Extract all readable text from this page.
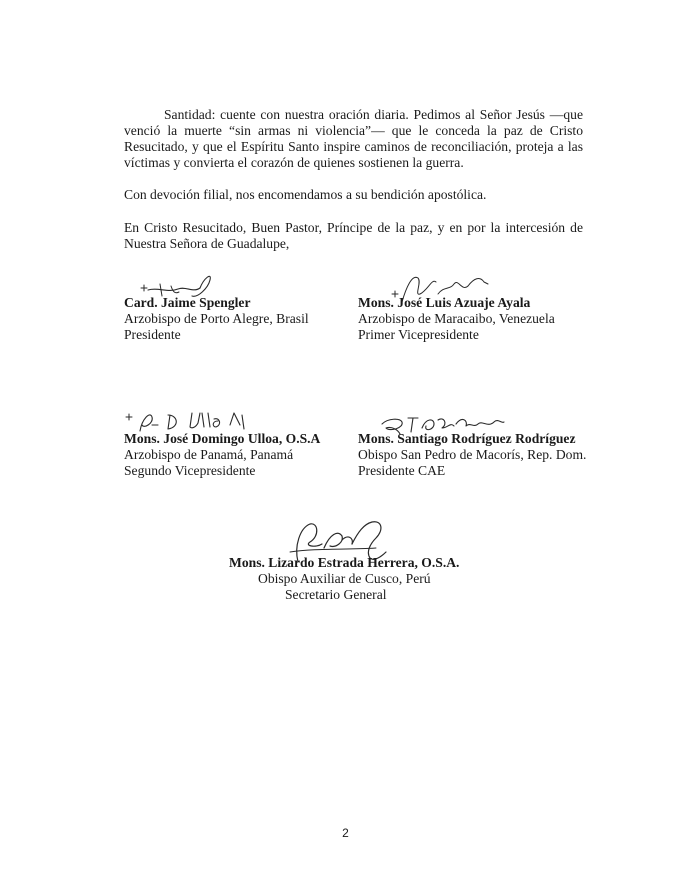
Santidad: cuente con nuestra oración diaria. Pedimos al Señor Jesús —que venció la muerte “sin armas ni violencia”— que le conceda la paz de Cristo Resucitado, y que el Espíritu Santo inspire caminos de reconciliación, proteja a las víctimas y convierta el corazón de quienes sostienen la guerra.

Con devoción filial, nos encomendamos a su bendición apostólica.

En Cristo Resucitado, Buen Pastor, Príncipe de la paz, y en por la intercesión de Nuestra Señora de Guadalupe,

Card. Jaime Spengler
Arzobispo de Porto Alegre, Brasil
Presidente
Mons. José Luis Azuaje Ayala
Arzobispo de Maracaibo, Venezuela
Primer Vicepresidente
Mons. José Domingo Ulloa, O.S.A
Arzobispo de Panamá, Panamá
Segundo Vicepresidente
Mons. Santiago Rodríguez Rodríguez
Obispo San Pedro de Macorís, Rep. Dom.
Presidente CAE
Mons. Lizardo Estrada Herrera, O.S.A.
Obispo Auxiliar de Cusco, Perú
Secretario General
2
